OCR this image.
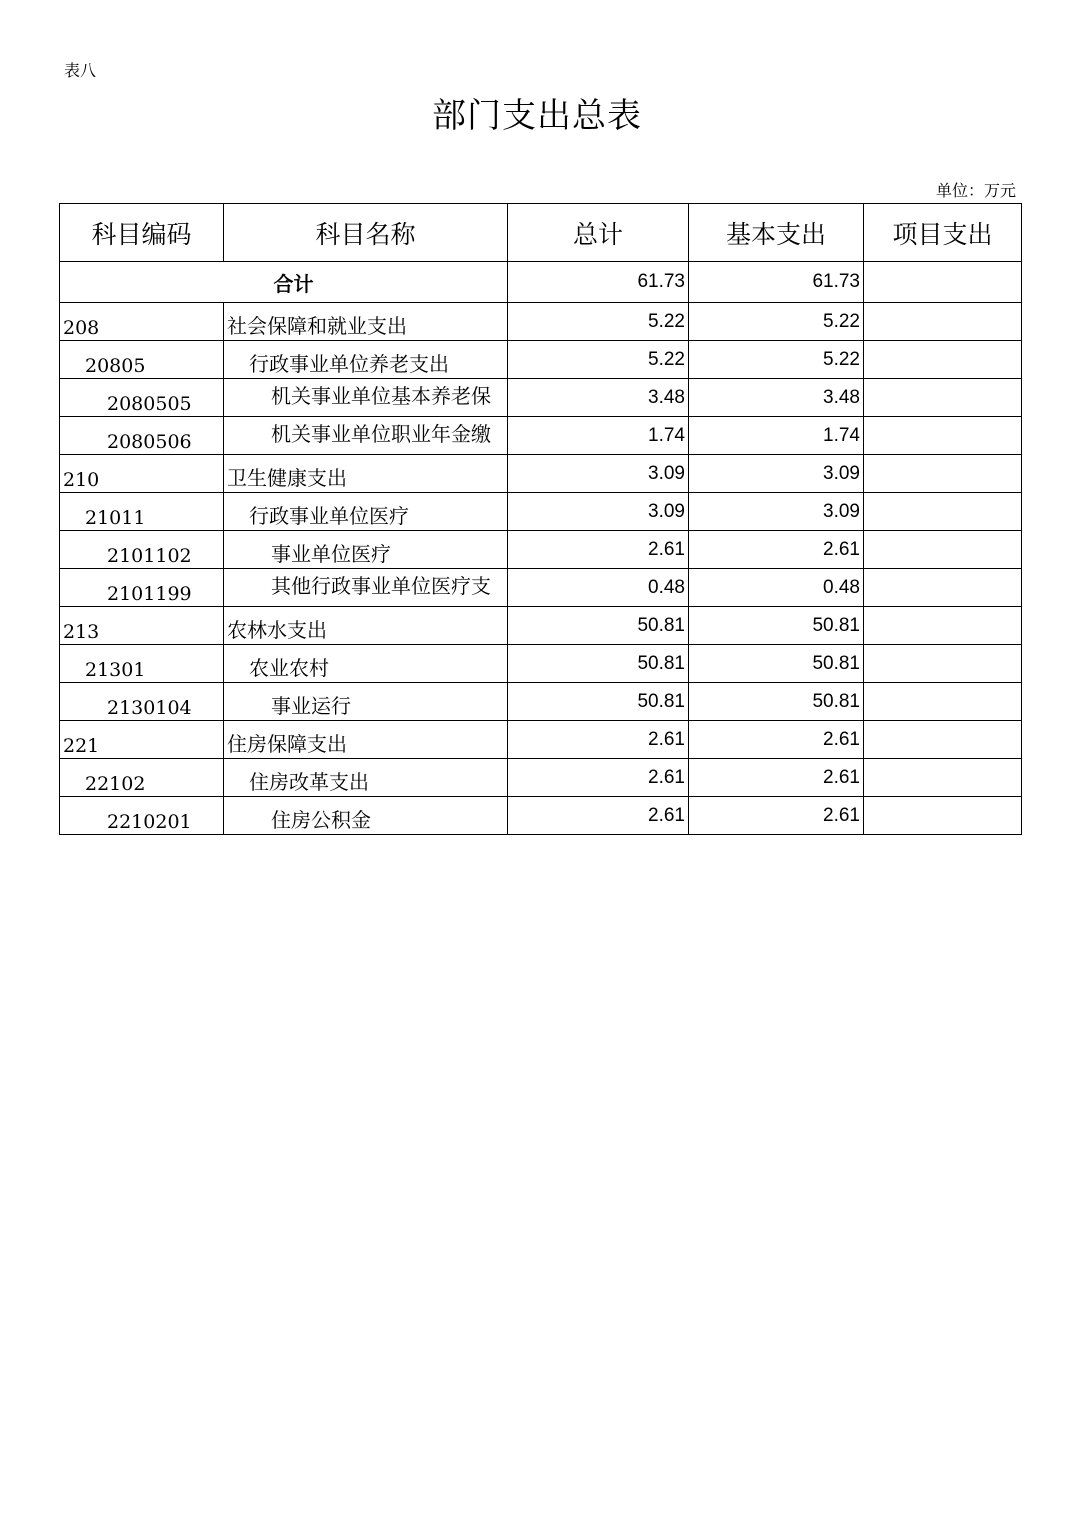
表八
部门支出总表
单位：万元
科目编码	科目名称	总计	基本支出	项目支出
合计		61.73	61.73	
208	社会保障和就业支出	5.22	5.22	
20805	行政事业单位养老支出	5.22	5.22	
2080505	机关事业单位基本养老保	3.48	3.48	
2080506	机关事业单位职业年金缴	1.74	1.74	
210	卫生健康支出	3.09	3.09	
21011	行政事业单位医疗	3.09	3.09	
2101102	事业单位医疗	2.61	2.61	
2101199	其他行政事业单位医疗支	0.48	0.48	
213	农林水支出	50.81	50.81	
21301	农业农村	50.81	50.81	
2130104	事业运行	50.81	50.81	
221	住房保障支出	2.61	2.61	
22102	住房改革支出	2.61	2.61	
2210201	住房公积金	2.61	2.61	
